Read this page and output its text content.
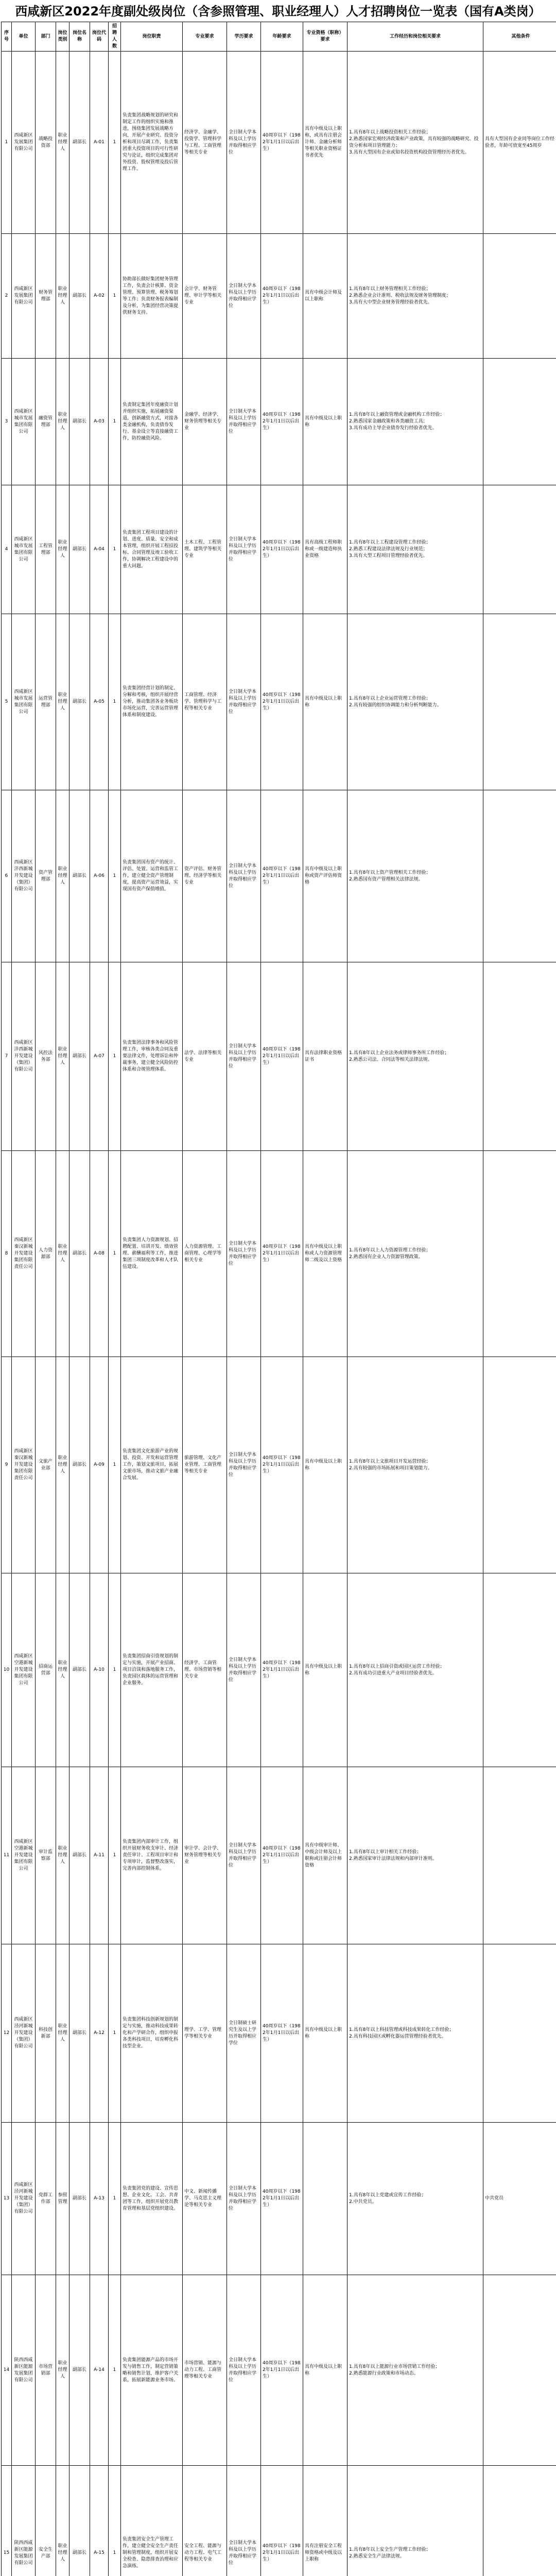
西咸新区2022年度副处级岗位（含参照管理、职业经理人）人才招聘岗位一览表（国有A类岗）
序号	单位	部门	岗位类别	岗位名称	岗位代码	招聘人数	岗位职责	专业要求	学历要求	年龄要求	专业资格（职称）要求	工作经历和岗位相关要求	其他条件
1	西咸新区发展集团有限公司	战略投资部	职业经理人	副部长	A-01	1	负责集团战略规划的研究和制定工作的组织实施和推进，围绕集团发展战略方向，开展产业研究、投资分析和项目尽调工作，负责集团重大投资项目的可行性研究与论证，组织完成集团对外投资、股权管理及投后管理工作。	经济学、金融学、投资学、管理科学与工程、工商管理等相关专业	全日制大学本科及以上学历并取得相应学位	40周岁以下（1982年1月1日以后出生）	具有中级及以上职称，或具有注册会计师、金融分析师等相关职业资格证书者优先	1.具有8年以上战略投资相关工作经验；
2.熟悉国家宏观经济政策和产业政策，具有较强的战略研究、投资分析和项目管理能力；
3.具有大型国有企业或知名投资机构投资管理经历者优先。	具有大型国有企业同等岗位工作经验者，年龄可放宽至45周岁
2	西咸新区发展集团有限公司	财务管理部	职业经理人	副部长	A-02	1	协助部长做好集团财务管理工作，负责会计核算、资金管理、预算管理、税务筹划等工作；负责财务报表编制及分析，为集团经营决策提供财务支持。	会计学、财务管理、审计学等相关专业	全日制大学本科及以上学历并取得相应学位	40周岁以下（1982年1月1日以后出生）	具有中级会计师及以上职称	1.具有8年以上财务管理相关工作经验；
2.熟悉企业会计准则、税收法规及财务管理制度；
3.具有大中型企业财务管理经验者优先。	
3	西咸新区城市发展集团有限公司	融资管理部	职业经理人	副部长	A-03	1	负责制定集团年度融资计划并组织实施，拓展融资渠道，创新融资方式，对接各类金融机构，负责债券发行、基金设立等直接融资工作，防控融资风险。	金融学、经济学、财务管理等相关专业	全日制大学本科及以上学历并取得相应学位	40周岁以下（1982年1月1日以后出生）	具有中级及以上职称	1.具有8年以上融资管理或金融机构工作经验；
2.熟悉国家金融政策和各类融资工具；
3.具有成功主导企业债券发行经验者优先。	
4	西咸新区城市发展集团有限公司	工程管理部	职业经理人	副部长	A-04	1	负责集团工程项目建设的计划、进度、质量、安全和成本管理，组织开展工程招投标、合同管理及竣工验收工作，协调解决工程建设中的重大问题。	土木工程、工程管理、建筑学等相关专业	全日制大学本科及以上学历并取得相应学位	40周岁以下（1982年1月1日以后出生）	具有高级工程师职称或一级建造师执业资格	1.具有8年以上工程建设管理工作经验；
2.熟悉工程建设法律法规及行业规范；
3.具有大型工程项目管理经验者优先。	
5	西咸新区城市发展集团有限公司	运营管理部	职业经理人	副部长	A-05	1	负责集团经营计划的制定、分解和考核，组织开展经营分析，推动集团各业务板块市场化运营，完善运营管理体系和制度建设。	工商管理、经济学、管理科学与工程等相关专业	全日制大学本科及以上学历并取得相应学位	40周岁以下（1982年1月1日以后出生）	具有中级及以上职称	1.具有8年以上企业运营管理工作经验；
2.具有较强的组织协调能力和分析判断能力。	
6	西咸新区沣西新城开发建设（集团）有限公司	资产管理部	职业经理人	副部长	A-06	1	负责集团国有资产的统计、评估、处置、运营和监管工作，建立健全资产管理制度，提高资产运营效益，实现国有资产保值增值。	资产评估、财务管理、经济学等相关专业	全日制大学本科及以上学历并取得相应学位	40周岁以下（1982年1月1日以后出生）	具有中级及以上职称或资产评估师资格	1.具有8年以上资产管理相关工作经验；
2.熟悉国有资产管理相关法律法规。	
7	西咸新区沣西新城开发建设（集团）有限公司	风控法务部	职业经理人	副部长	A-07	1	负责集团法律事务和风险管理工作，审核各类合同及重要法律文件，处理诉讼和仲裁事务，建立健全风险防控体系和合规管理体系。	法学、法律等相关专业	全日制大学本科及以上学历并取得相应学位	40周岁以下（1982年1月1日以后出生）	具有法律职业资格证书	1.具有8年以上企业法务或律师事务所工作经验；
2.熟悉公司法、合同法等相关法律法规。	
8	西咸新区秦汉新城开发建设集团有限责任公司	人力资源部	职业经理人	副部长	A-08	1	负责集团人力资源规划、招聘配置、培训开发、绩效管理、薪酬福利等工作，推进集团三项制度改革和人才队伍建设。	人力资源管理、工商管理、心理学等相关专业	全日制大学本科及以上学历并取得相应学位	40周岁以下（1982年1月1日以后出生）	具有中级及以上职称或人力资源管理师二级及以上资格	1.具有8年以上人力资源管理工作经验；
2.熟悉国有企业人力资源管理政策。	
9	西咸新区秦汉新城开发建设集团有限责任公司	文旅产业部	职业经理人	副部长	A-09	1	负责集团文化旅游产业的规划、投资、开发和运营管理工作，策划文旅项目，拓展文旅市场，推动文旅产业融合发展。	旅游管理、文化产业管理、工商管理等相关专业	全日制大学本科及以上学历并取得相应学位	40周岁以下（1982年1月1日以后出生）	具有中级及以上职称	1.具有8年以上文旅项目开发运营经验；
2.具有较强的市场拓展和项目策划能力。	
10	西咸新区空港新城开发建设集团有限公司	招商运营部	职业经理人	副部长	A-10	1	负责集团招商引资规划的制定与实施，开展产业招商、项目洽谈和落地服务工作，负责园区载体的运营管理和企业服务。	经济学、工商管理、市场营销等相关专业	全日制大学本科及以上学历并取得相应学位	40周岁以下（1982年1月1日以后出生）	具有中级及以上职称	1.具有8年以上招商引资或园区运营工作经验；
2.具有成功引进重大产业项目经验者优先。	
11	西咸新区空港新城开发建设集团有限公司	审计监察部	职业经理人	副部长	A-11	1	负责集团内部审计工作，组织开展财务收支审计、经济责任审计、工程项目审计和专项审计，监督整改落实，完善内部控制体系。	审计学、会计学、财务管理等相关专业	全日制大学本科及以上学历并取得相应学位	40周岁以下（1982年1月1日以后出生）	具有中级审计师、中级会计师及以上职称或注册会计师资格	1.具有8年以上审计相关工作经验；
2.熟悉国家审计法律法规和内部审计准则。	
12	西咸新区泾河新城开发建设（集团）有限公司	科技创新部	职业经理人	副部长	A-12	1	负责集团科技创新规划的制定与实施，推动科技成果转化和产学研合作，组织申报各类科技项目，培育孵化科技型企业。	理学、工学、管理学等相关专业	全日制硕士研究生及以上学历并取得相应学位	40周岁以下（1982年1月1日以后出生）	具有中级及以上职称	1.具有8年以上科技管理或科技成果转化工作经验；
2.具有科技园区或孵化器运营管理经验者优先。	
13	西咸新区泾河新城开发建设（集团）有限公司	党群工作部	参照管理	副部长	A-13	1	负责集团党的建设、宣传思想、企业文化、工会、共青团等工作，组织开展党员教育管理和基层党组织建设。	中文、新闻传播学、马克思主义理论等相关专业	全日制大学本科及以上学历并取得相应学位	40周岁以下（1982年1月1日以后出生）		1.具有8年以上党建或宣传工作经验；
2.中共党员。	中共党员
14	陕西西咸新区能源发展集团有限公司	市场营销部	职业经理人	副部长	A-14	1	负责集团能源产品的市场开发与销售工作，制定营销策略和销售计划，维护客户关系，拓展新能源业务市场。	市场营销、能源与动力工程、工商管理等相关专业	全日制大学本科及以上学历并取得相应学位	40周岁以下（1982年1月1日以后出生）	具有中级及以上职称	1.具有8年以上能源行业市场营销工作经验；
2.熟悉能源行业政策和市场动态。	
15	陕西西咸新区能源发展集团有限公司	安全生产部	职业经理人	副部长	A-15	1	负责集团安全生产管理工作，建立健全安全生产责任制和管理制度，组织开展安全检查、隐患排查治理和应急演练。	安全工程、能源与动力工程、电气工程等相关专业	全日制大学本科及以上学历并取得相应学位	40周岁以下（1982年1月1日以后出生）	具有注册安全工程师资格或中级及以上职称	1.具有8年以上安全生产管理工作经验；
2.熟悉安全生产法律法规。	
